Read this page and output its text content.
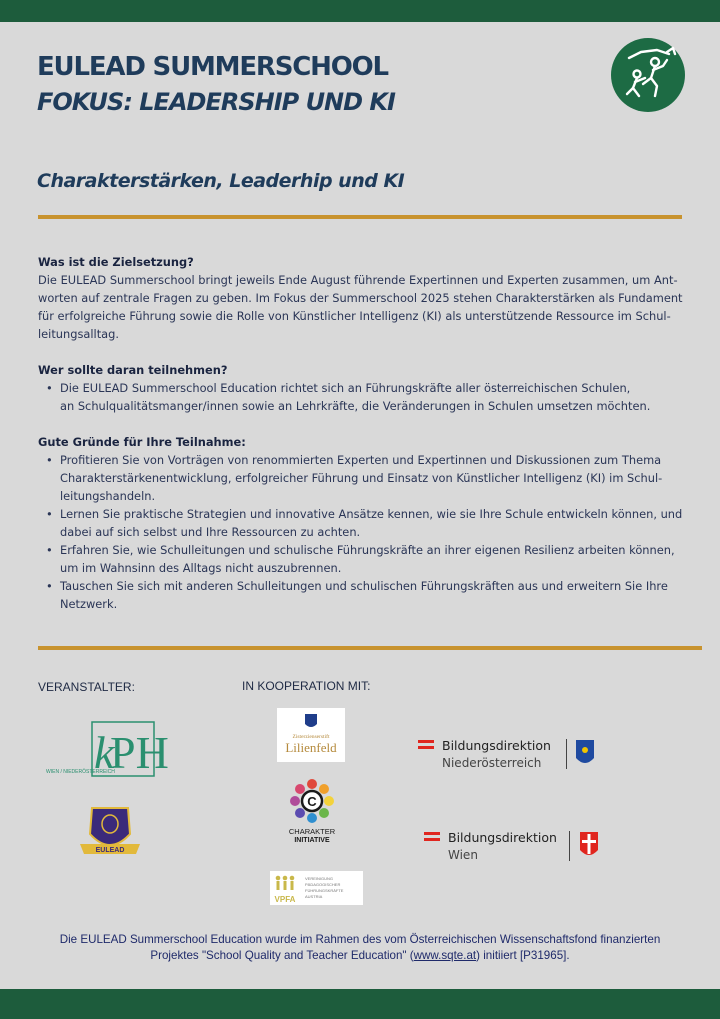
EULEAD SUMMERSCHOOL
FOKUS: LEADERSHIP UND KI
Charakterstärken, Leaderhip und KI
Was ist die Zielsetzung?

Die EULEAD Summerschool bringt jeweils Ende August führende Expertinnen und Experten zusammen, um Ant-
worten auf zentrale Fragen zu geben. Im Fokus der Summerschool 2025 stehen Charakterstärken als Fundament
für erfolgreiche Führung sowie die Rolle von Künstlicher Intelligenz (KI) als unterstützende Ressource im Schul-
leitungsalltag.

Wer sollte daran teilnehmen?
• Die EULEAD Summerschool Education richtet sich an Führungskräfte aller österreichischen Schulen,
an Schulqualitätsmanger/innen sowie an Lehrkräfte, die Veränderungen in Schulen umsetzen möchten.
Gute Gründe für Ihre Teilnahme:
• Profitieren Sie von Vorträgen von renommierten Experten und Expertinnen und Diskussionen zum Thema
Charakterstärkenentwicklung, erfolgreicher Führung und Einsatz von Künstlicher Intelligenz (KI) im Schul-
leitungshandeln.
• Lernen Sie praktische Strategien und innovative Ansätze kennen, wie sie Ihre Schule entwickeln können, und
dabei auf sich selbst und Ihre Ressourcen zu achten.
• Erfahren Sie, wie Schulleitungen und schulische Führungskräfte an ihrer eigenen Resilienz arbeiten können,
um im Wahnsinn des Alltags nicht auszubrennen.
• Tauschen Sie sich mit anderen Schulleitungen und schulischen Führungskräften aus und erweitern Sie Ihre
Netzwerk.
VERANSTALTER:	IN KOOPERATION MIT:
k
PH
WIEN / NIEDERÖSTERREICH
EULEAD
Zisterzienserstift
Lilienfeld
C
CHARAKTER
INITIATIVE
VPFA
VEREINIGUNG
PÄDAGOGISCHER
FÜHRUNGSKRÄFTE
AUSTRIA
Bildungsdirektion
Niederösterreich
Bildungsdirektion
Wien
Die EULEAD Summerschool Education wurde im Rahmen des vom Österreichischen Wissenschaftsfond finanzierten
Projektes "School Quality and Teacher Education" (www.sqte.at) initiiert [P31965].
